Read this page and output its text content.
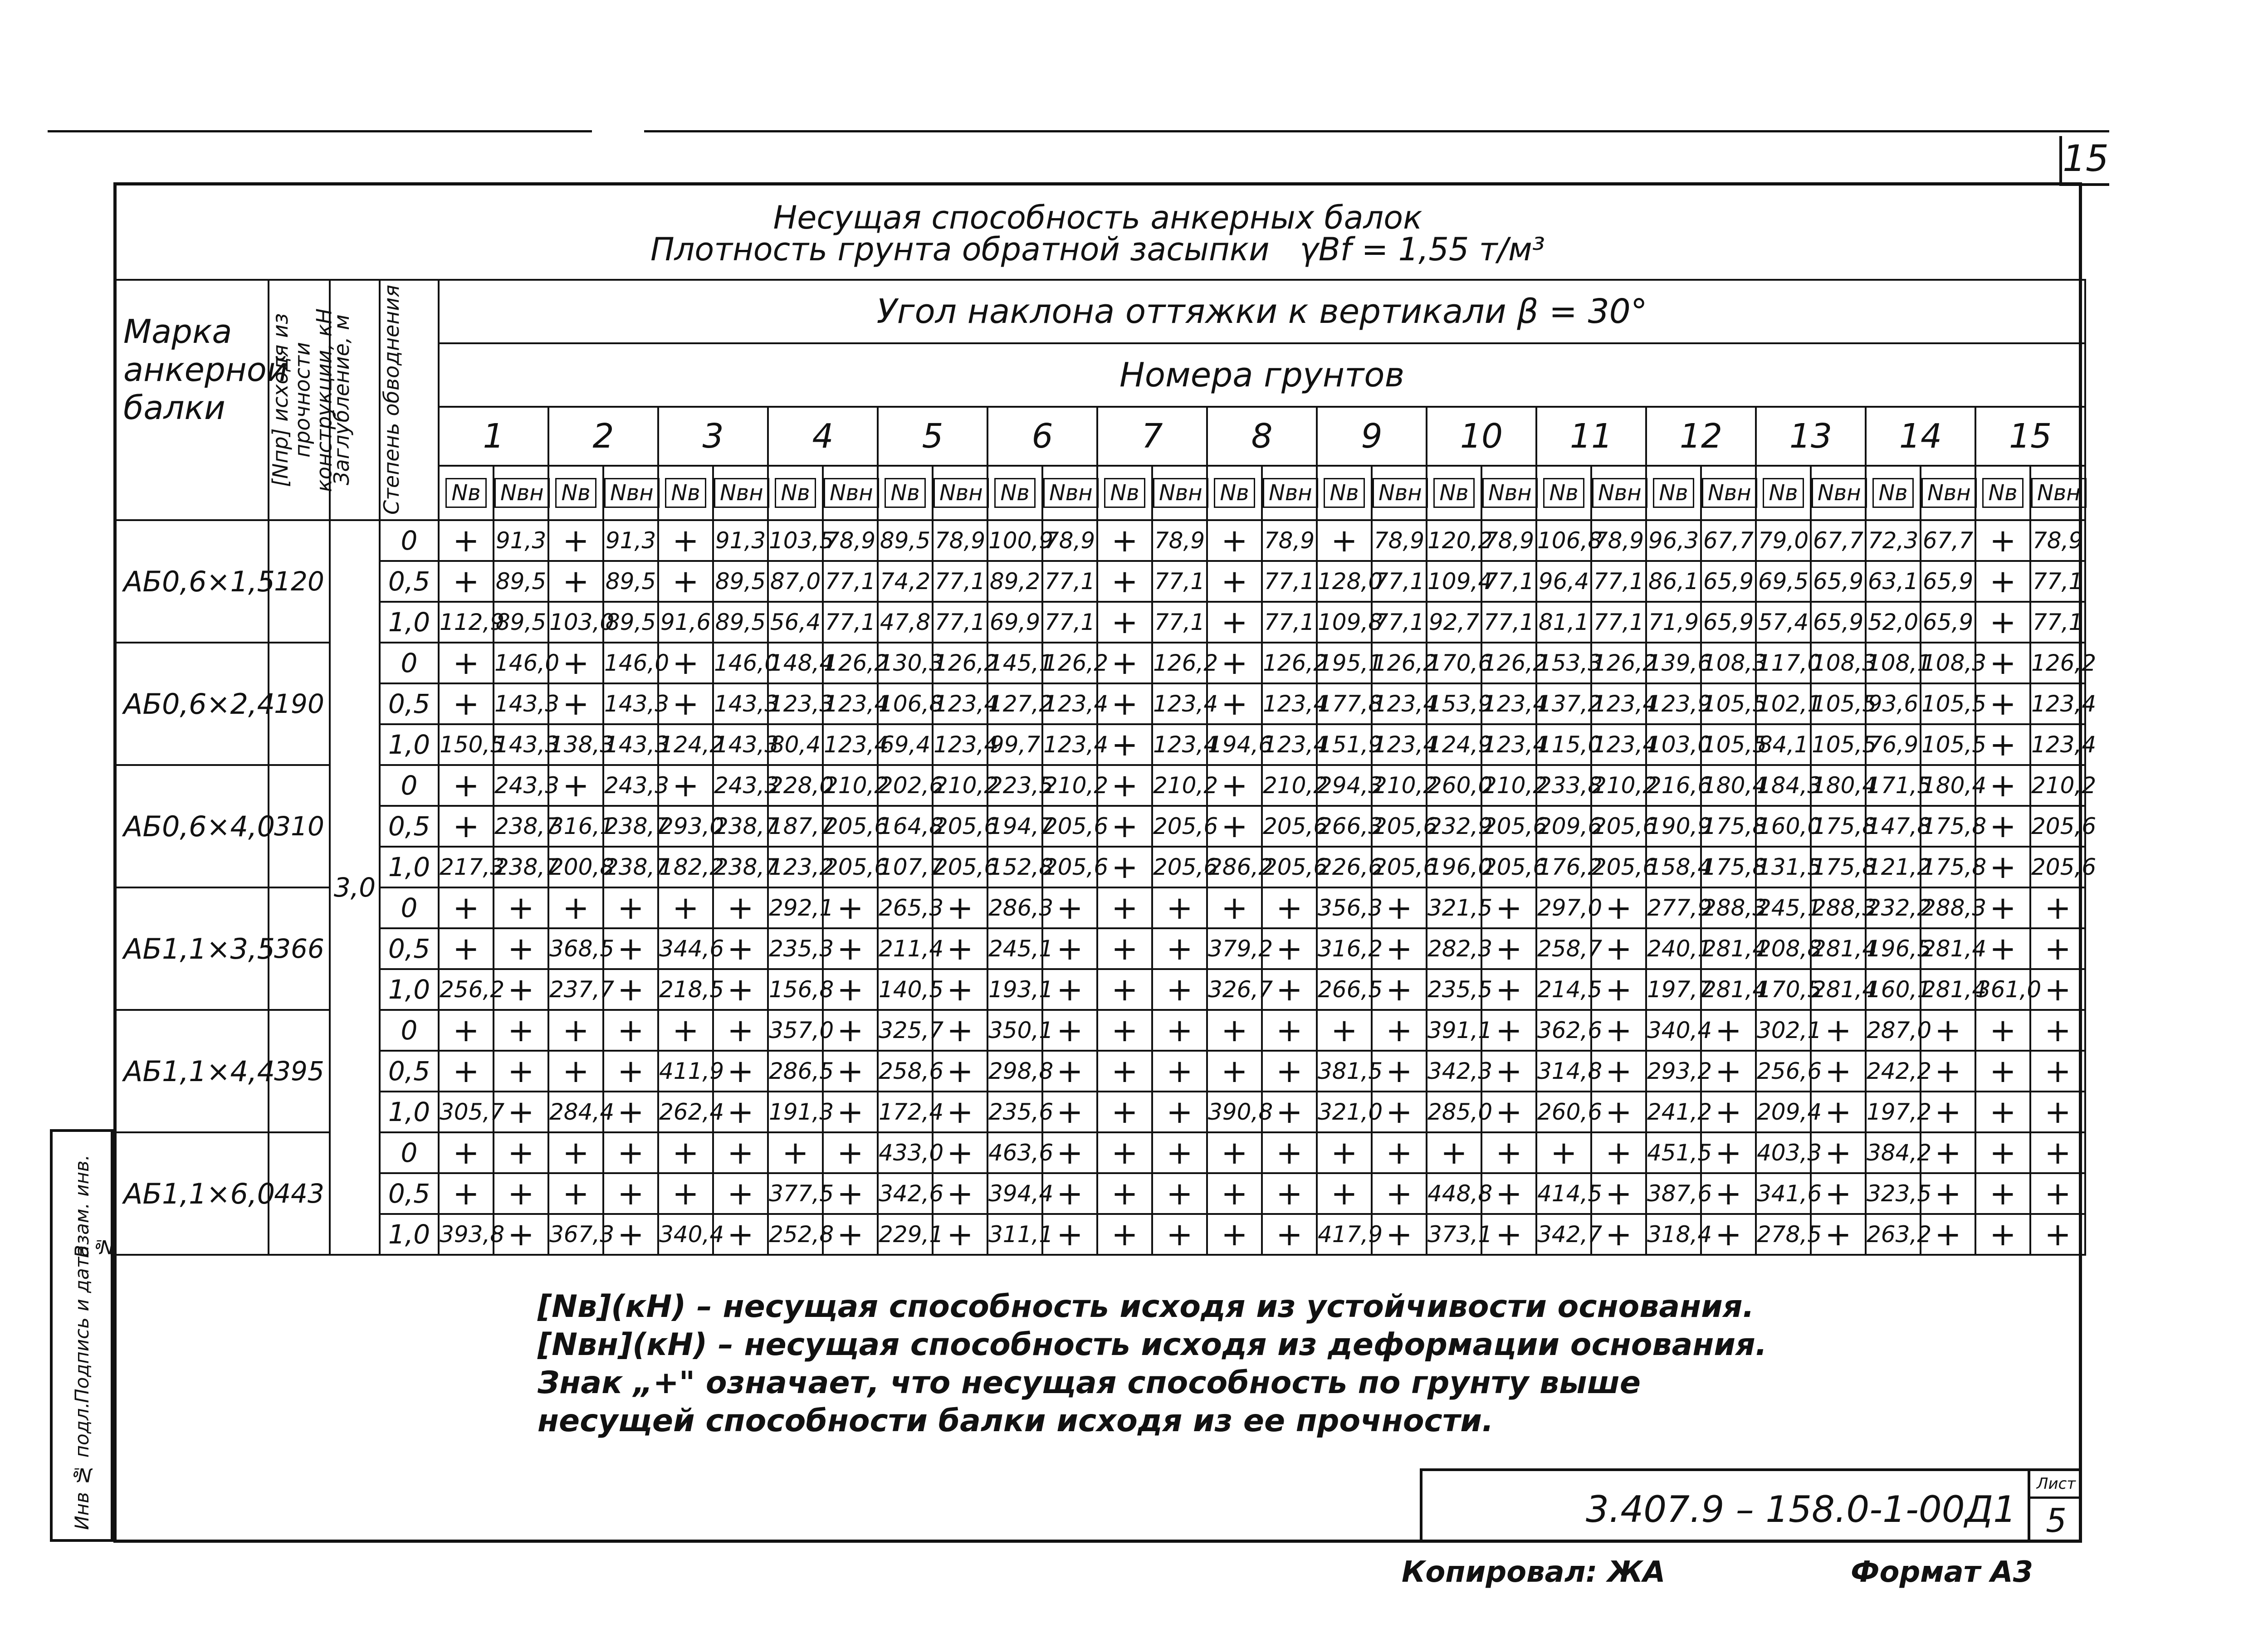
15
Несущая способность анкерных балок
Плотность грунта обратной засыпки γBf = 1,55 т/м³
Марка анкерной балки	[Nпр] исходя из прочности конструкции, кН	Заглубление, м	Степень обводнения	Угол наклона оттяжки к вертикали β = 30°																													
				Номера грунтов																													
				1		2		3		4		5		6		7		8		9		10		11		12		13		14		15	
				Nв	Nвн	Nв	Nвн	Nв	Nвн	Nв	Nвн	Nв	Nвн	Nв	Nвн	Nв	Nвн	Nв	Nвн	Nв	Nвн	Nв	Nвн	Nв	Nвн	Nв	Nвн	Nв	Nвн	Nв	Nвн	Nв	Nвн
АБ0,6×1,5	120	3,0	0	+	91,3	+	91,3	+	91,3	103,5	78,9	89,5	78,9	100,9	78,9	+	78,9	+	78,9	+	78,9	120,2	78,9	106,8	78,9	96,3	67,7	79,0	67,7	72,3	67,7	+	78,9
			0,5	+	89,5	+	89,5	+	89,5	87,0	77,1	74,2	77,1	89,2	77,1	+	77,1	+	77,1	128,0	77,1	109,4	77,1	96,4	77,1	86,1	65,9	69,5	65,9	63,1	65,9	+	77,1
			1,0	112,9	89,5	103,0	89,5	91,6	89,5	56,4	77,1	47,8	77,1	69,9	77,1	+	77,1	+	77,1	109,8	77,1	92,7	77,1	81,1	77,1	71,9	65,9	57,4	65,9	52,0	65,9	+	77,1
АБ0,6×2,4	190		0	+	146,0	+	146,0	+	146,0	148,4	126,2	130,3	126,2	145,1	126,2	+	126,2	+	126,2	195,1	126,2	170,6	126,2	153,3	126,2	139,6	108,3	117,0	108,3	108,1	108,3	+	126,2
			0,5	+	143,3	+	143,3	+	143,3	123,3	123,4	106,8	123,4	127,2	123,4	+	123,4	+	123,4	177,8	123,4	153,9	123,4	137,2	123,4	123,9	105,5	102,1	105,5	93,6	105,5	+	123,4
			1,0	150,5	143,3	138,3	143,3	124,2	143,3	80,4	123,4	69,4	123,4	99,7	123,4	+	123,4	194,6	123,4	151,9	123,4	124,9	123,4	115,0	123,4	103,0	105,5	84,1	105,5	76,9	105,5	+	123,4
АБ0,6×4,0	310		0	+	243,3	+	243,3	+	243,3	228,0	210,2	202,6	210,2	223,5	210,2	+	210,2	+	210,2	294,3	210,2	260,0	210,2	233,8	210,2	216,6	180,4	184,3	180,4	171,5	180,4	+	210,2
			0,5	+	238,7	316,1	238,7	293,0	238,7	187,7	205,6	164,8	205,6	194,7	205,6	+	205,6	+	205,6	266,3	205,6	232,9	205,6	209,6	205,6	190,9	175,8	160,0	175,8	147,8	175,8	+	205,6
			1,0	217,3	238,7	200,8	238,7	182,2	238,7	123,2	205,6	107,7	205,6	152,8	205,6	+	205,6	286,2	205,6	226,6	205,6	196,0	205,6	176,2	205,6	158,4	175,8	131,5	175,8	121,2	175,8	+	205,6
АБ1,1×3,5	366		0	+	+	+	+	+	+	292,1	+	265,3	+	286,3	+	+	+	+	+	356,3	+	321,5	+	297,0	+	277,9	288,3	245,1	288,3	232,2	288,3	+	+
			0,5	+	+	368,5	+	344,6	+	235,3	+	211,4	+	245,1	+	+	+	379,2	+	316,2	+	282,3	+	258,7	+	240,1	281,4	208,8	281,4	196,5	281,4	+	+
			1,0	256,2	+	237,7	+	218,5	+	156,8	+	140,5	+	193,1	+	+	+	326,7	+	266,5	+	235,5	+	214,5	+	197,7	281,4	170,5	281,4	160,1	281,4	361,0	+
АБ1,1×4,4	395		0	+	+	+	+	+	+	357,0	+	325,7	+	350,1	+	+	+	+	+	+	+	391,1	+	362,6	+	340,4	+	302,1	+	287,0	+	+	+
			0,5	+	+	+	+	411,9	+	286,5	+	258,6	+	298,8	+	+	+	+	+	381,5	+	342,3	+	314,8	+	293,2	+	256,6	+	242,2	+	+	+
			1,0	305,7	+	284,4	+	262,4	+	191,3	+	172,4	+	235,6	+	+	+	390,8	+	321,0	+	285,0	+	260,6	+	241,2	+	209,4	+	197,2	+	+	+
АБ1,1×6,0	443		0	+	+	+	+	+	+	+	+	433,0	+	463,6	+	+	+	+	+	+	+	+	+	+	+	451,5	+	403,3	+	384,2	+	+	+
			0,5	+	+	+	+	+	+	377,5	+	342,6	+	394,4	+	+	+	+	+	+	+	448,8	+	414,5	+	387,6	+	341,6	+	323,5	+	+	+
			1,0	393,8	+	367,3	+	340,4	+	252,8	+	229,1	+	311,1	+	+	+	+	+	417,9	+	373,1	+	342,7	+	318,4	+	278,5	+	263,2	+	+	+
[Nв](кН) – несущая способность исходя из устойчивости основания.
[Nвн](кН) – несущая способность исходя из деформации основания.
Знак „+" означает, что несущая способность по грунту выше
несущей способности балки исходя из ее прочности.
Инв № подл.
Подпись и дата
Взам. инв. №
3.407.9 – 158.0-1-00Д1
Лист
5
Копировал: ЖА	Формат А3
